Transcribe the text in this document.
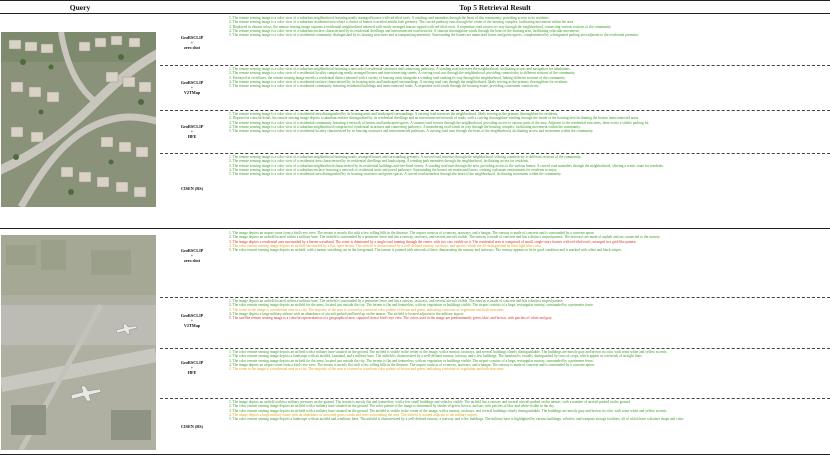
Query	Top 5 Retrieval Result
GeoRSCLIP
+
zero shot

1. The remote sensing image is a color view of a suburban neighborhood featuring neatly arranged houses with red-tiled roofs. A winding road meanders through the heart of this community, providing access to its residents.

2. The remote sensing image is a color view of a suburban residential area where a cluster of homes is nestled amidst lush greenery. The curved pathway runs through the center of the housing complex, facilitating movement within the area.

3. Displayed in vibrant colors, the remote sensing image captures a residential neighborhood adorned with neatly arranged houses topped with red-tiled roofs. A serpentine road weaves its way through the neighborhood, connecting various sections of the community.

4. The remote sensing image is a color view of a suburban enclave characterized by its residential dwellings and interconnected road network. A sinuous thoroughfare winds through the heart of the housing area, facilitating vehicular movement.

5. The remote sensing image is a color view of a residential community distinguished by its housing structures and accompanying amenities. Surrounding the homes are manicured lawns and green spaces, complemented by a designated parking area adjacent to the residential premises.

GeoRSCLIP
+
V2TMap

1. The remote sensing image is a color view of a suburban neighborhood featuring a network of residential structures and connecting pathways. A winding road traverses the neighborhood, facilitating access and navigation for inhabitants.

2. The remote sensing image is a color view of a residential locality comprising neatly arranged houses and interconnecting streets. A curving road cuts through the neighborhood, providing connectivity to different sections of the community.

3. Portrayed in vivid hues, the remote sensing image unveils a residential district adorned with a variety of housing units alongside a winding road snaking its way through the neighborhood, linking different sections of the community.

4. The remote sensing image is a color view of a residential enclave characterized by its housing units and landscaped surroundings. A curving road cuts through the neighborhood, likely serving as the primary thoroughfare for residents.

5. The remote sensing image is a color view of a residential community featuring residential buildings and interconnected roads. A serpentine road winds through the housing estate, providing convenient connectivity.

GeoRSCLIP
+
HFE

1. The remote sensing image is a color view of a residential area distinguished by its housing units and landscaped surroundings. A curving road traverses the neighborhood, likely serving as the primary thoroughfare for residents.

2. Depicted in colorful detail, the remote sensing image depicts a suburban enclave distinguished by its residential dwellings and an interconnected network of roads, with a curving thoroughfare winding through the inside of the housing area facilitating the houses interconnected areas.

3. The remote sensing image is a color view of a residential community featuring a network of houses and landscaped spaces. A sinuous road weaves through the neighborhood, providing access to various parts of the area. Adjacent to the residential structures, there exists a visible parking lot.

4. The remote sensing image is a color view of a suburban neighborhood comprised of residential structures and connecting pathways. A meandering road winds its way through the housing complex, facilitating movement within the community.

5. The remote sensing image is a color view of a residential locality characterized by its housing structures and interconnected pathways. A curving road runs through the heart of the neighborhood, facilitating access and movement within the community.

CISEN (RS)

1. The remote sensing image is a color view of a suburban neighborhood featuring neatly arranged houses and surrounding greenery. A curved road traverses through the neighborhood, offering connectivity to different sections of the community.

2. The remote sensing image is a color view of a residential area characterized by its residential dwellings and landscaping. A winding path meanders through the neighborhood, facilitating access for residents.

3. The remote sensing image is a color view of a suburban neighborhood characterized by its residential buildings and tree-lined streets. A winding road runs through the area, providing access to the various homes. A curved road meanders through the neighborhood, offering a scenic route for residents.

4. The remote sensing image is a color view of a suburban enclave featuring a network of residential units and paved pathways. Surrounding the houses are manicured lawns, creating a pleasant environment for residents to enjoy.

5. The remote sensing image is a color view of a residential area distinguished by its housing structures and green spaces. A curved road meanders through the heart of the neighborhood, facilitating movement within the community.

GeoRSCLIP
+
zero shot

1. The image depicts an airport scene from a bird's-eye view. The terrain is mostly flat with a few rolling hills in the distance. The airport consists of a runway, taxiways, and a hangar. The runway is made of concrete and is surrounded by a concrete apron.

2. The image depicts an airfield located within a military base. The airfield is surrounded by a perimeter fence and has a runway, taxiways, and several aircraft visible. The runway is made of concrete and has a distinct striped pattern. The taxiways are made of asphalt and are connected to the runway.

3. The image depicts a residential area surrounded by a barren wasteland. The scene is dominated by a single road running through the center, with two cars visible on it. The residential area is comprised of small, single-story houses with red-tiled roofs, arranged in a grid-like pattern.

4. The color remote sensing image depicts an airfield surrounded by a flat, open terrain. The airfield is characterized by a well-defined runway, taxiways, and aprons, which are all distinguished by their light blue color.

5. The color remote sensing image depicts an airfield, with a tarmac stretching out in the foreground. The tarmac is painted with network of lines, demarcating the runway and taxiways. The runway appears to be in good condition and is marked with white and black stripes.

GeoRSCLIP
+
V2TMap

1. The image depicts an airfield located within a military base. The airfield is surrounded by a perimeter fence and has a runway, taxiways, and several aircraft visible. The runway is made of concrete and has a distinct striped pattern.

2. The color remote sensing image depicts an airfield for the army, located just outside the city. The terrain is flat and featureless, with no vegetation or buildings visible. The airport consists of a large, rectangular runway, surrounded by a perimeter fence.

3. The scene in the image is a residential area in a city. The majority of the area is covered in a uniform color palette of brown and green, indicating a mixture of vegetation and built structures.

4. The image depicts a large military airbase with an abundance of aircraft parked and lined up on the tarmac. The airfield is located adjacent to the military airport.

5. The satellite remote sensing image is a colorful representation of a geographical area, captured from a bird's-eye view. The colors used in the image are predominantly green, blue, and brown, with patches of white and gray.

GeoRSCLIP
+
HFE

1. The color remote sensing image depicts an airfield with a military base situated on the ground. The airfield is visible in the center of the image, with a runway, taxiways, and several buildings clearly distinguishable. The buildings are mostly gray and brown in color, with some white and yellow accents.

2. The color remote sensing image depicts a landscape with an airfield, farmland, and a military base. The airfield is characterized by a well-defined runway, taxiway, and a few buildings. The farmland is visually distinguished by rows of crops, which appear as a network of straight lines.

3. The color remote sensing image depicts an airfield for the army, located just outside the city. The terrain is flat and featureless, with no vegetation or buildings visible. The airport consists of a large, rectangular runway, surrounded by a perimeter fence.

4. The image depicts an airport scene from a bird's-eye view. The terrain is mostly flat with a few rolling hills in the distance. The airport consists of a runway, taxiways, and a hangar. The runway is made of concrete and is surrounded by a concrete apron.

5. The scene in the image is a residential area in a city. The majority of the area is covered in a uniform color palette of brown and green, indicating a mixture of vegetation and built structures.

CISEN (RS)

1. The image depicts an airfield within a military premises on the ground. The terrain is mostly flat and featureless, with a few small buildings and vehicles visible. The airfield has a runway and several aircraft parked on the tarmac, with a number of aircraft parked on the ground.

2. The color remote sensing image depicts an airfield with a military base situated on the ground. The color palette of the image is dominated by shades of green, brown, and tan, with patches of blue and white visible in the sky.

3. The color remote sensing image depicts an airfield with a military base situated on the ground. The airfield is visible in the center of the image, with a runway, taxiways, and several buildings clearly distinguishable. The buildings are mostly gray and brown in color, with some white and yellow accents.

4. The image depicts a large military estate with an abundance of uncoated grass combs and trees surrounding the area. The airfield is located adjacent to the military airport.

5. The color remote sensing image depicts a landscape with an airfield and a military base. The airfield is characterized by a well-defined runway, a taxiway, and a few buildings. The military base is highlighted by various buildings, vehicles, and weapons storage facilities, all of which have a distinct shape and color.
